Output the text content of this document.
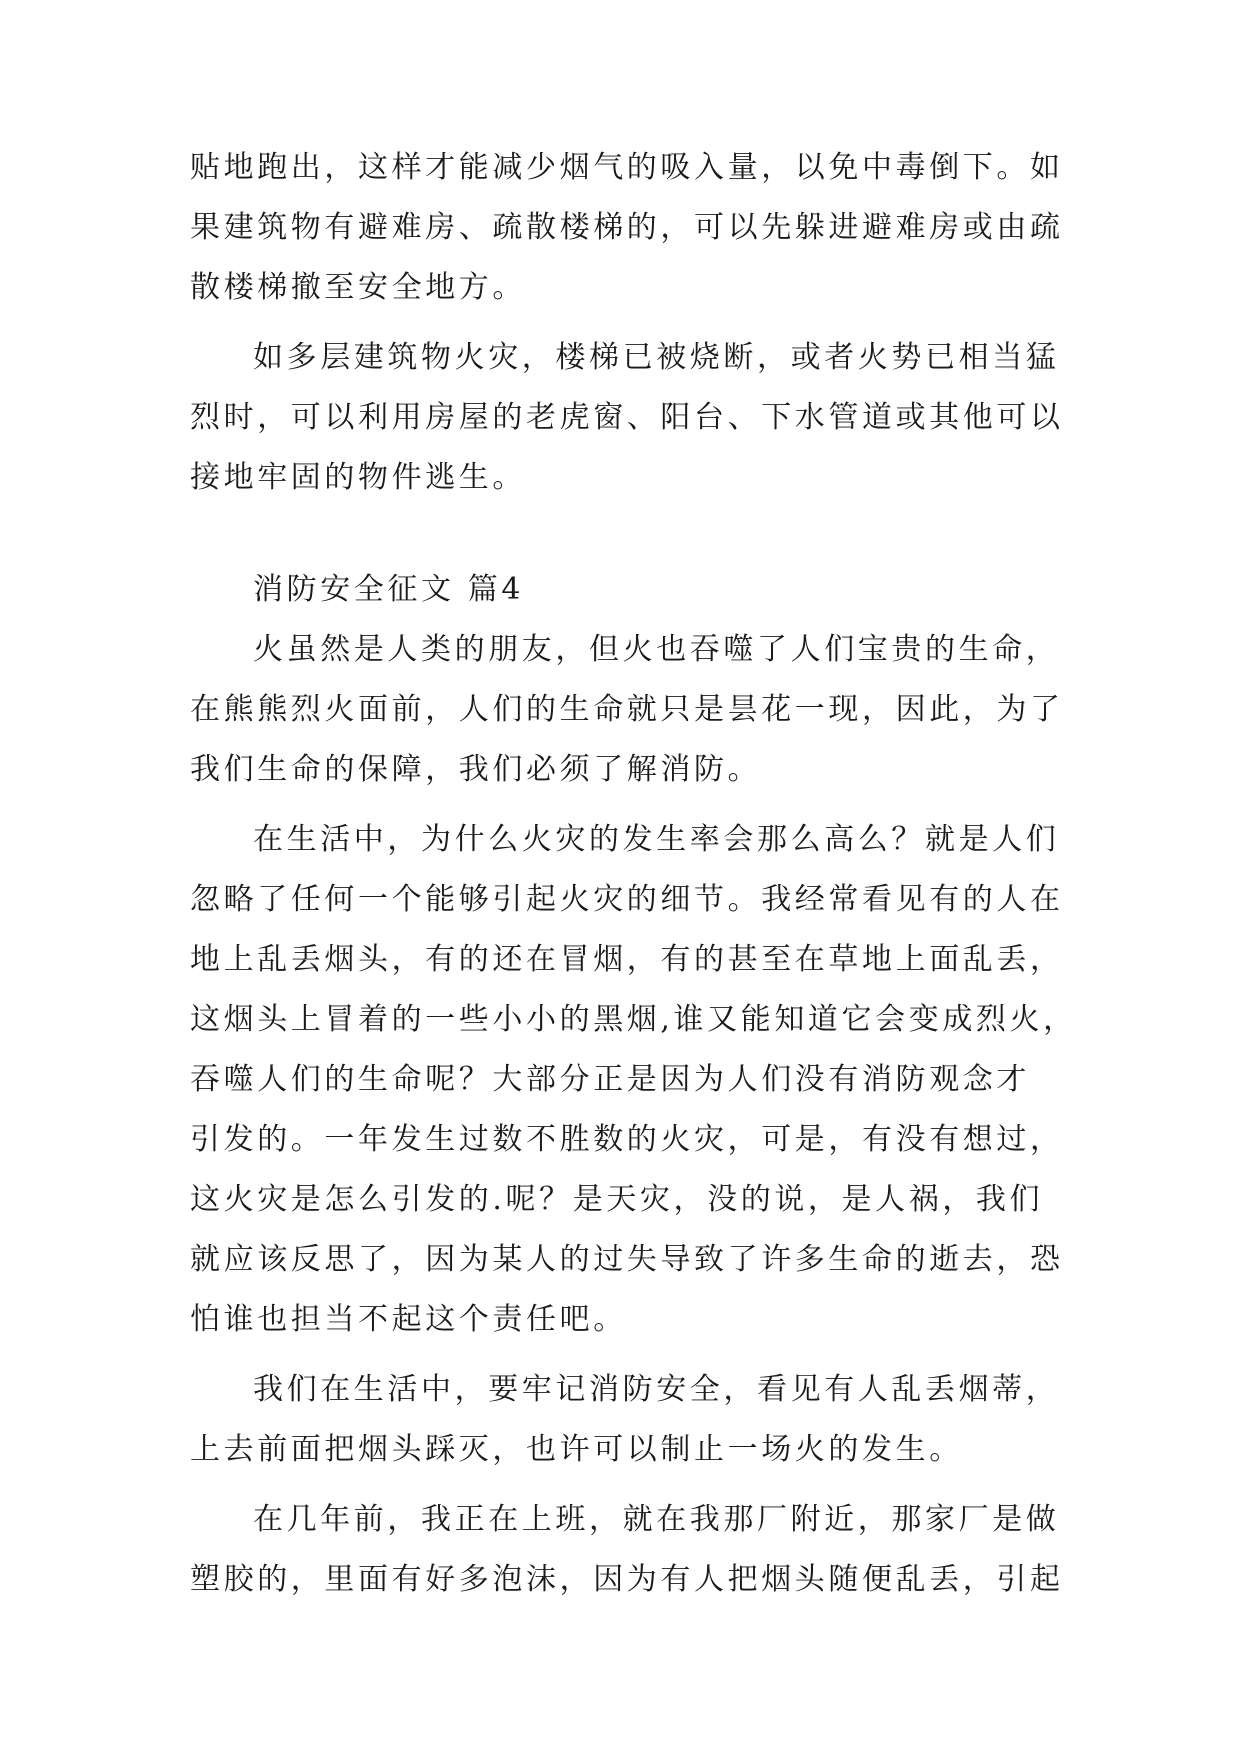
贴地跑出，这样才能减少烟气的吸入量，以免中毒倒下。如
果建筑物有避难房、疏散楼梯的，可以先躲进避难房或由疏
散楼梯撤至安全地方。
如多层建筑物火灾，楼梯已被烧断，或者火势已相当猛
烈时，可以利用房屋的老虎窗、阳台、下水管道或其他可以
接地牢固的物件逃生。
消防安全征文 篇4
火虽然是人类的朋友，但火也吞噬了人们宝贵的生命，
在熊熊烈火面前，人们的生命就只是昙花一现，因此，为了
我们生命的保障，我们必须了解消防。
在生活中，为什么火灾的发生率会那么高么？就是人们
忽略了任何一个能够引起火灾的细节。我经常看见有的人在
地上乱丢烟头，有的还在冒烟，有的甚至在草地上面乱丢，
这烟头上冒着的一些小小的黑烟,谁又能知道它会变成烈火，
吞噬人们的生命呢？大部分正是因为人们没有消防观念才
引发的。一年发生过数不胜数的火灾，可是，有没有想过，
这火灾是怎么引发的.呢？是天灾，没的说，是人祸，我们
就应该反思了，因为某人的过失导致了许多生命的逝去，恐
怕谁也担当不起这个责任吧。
我们在生活中，要牢记消防安全，看见有人乱丢烟蒂，
上去前面把烟头踩灭，也许可以制止一场火的发生。
在几年前，我正在上班，就在我那厂附近，那家厂是做
塑胶的，里面有好多泡沫，因为有人把烟头随便乱丢，引起
